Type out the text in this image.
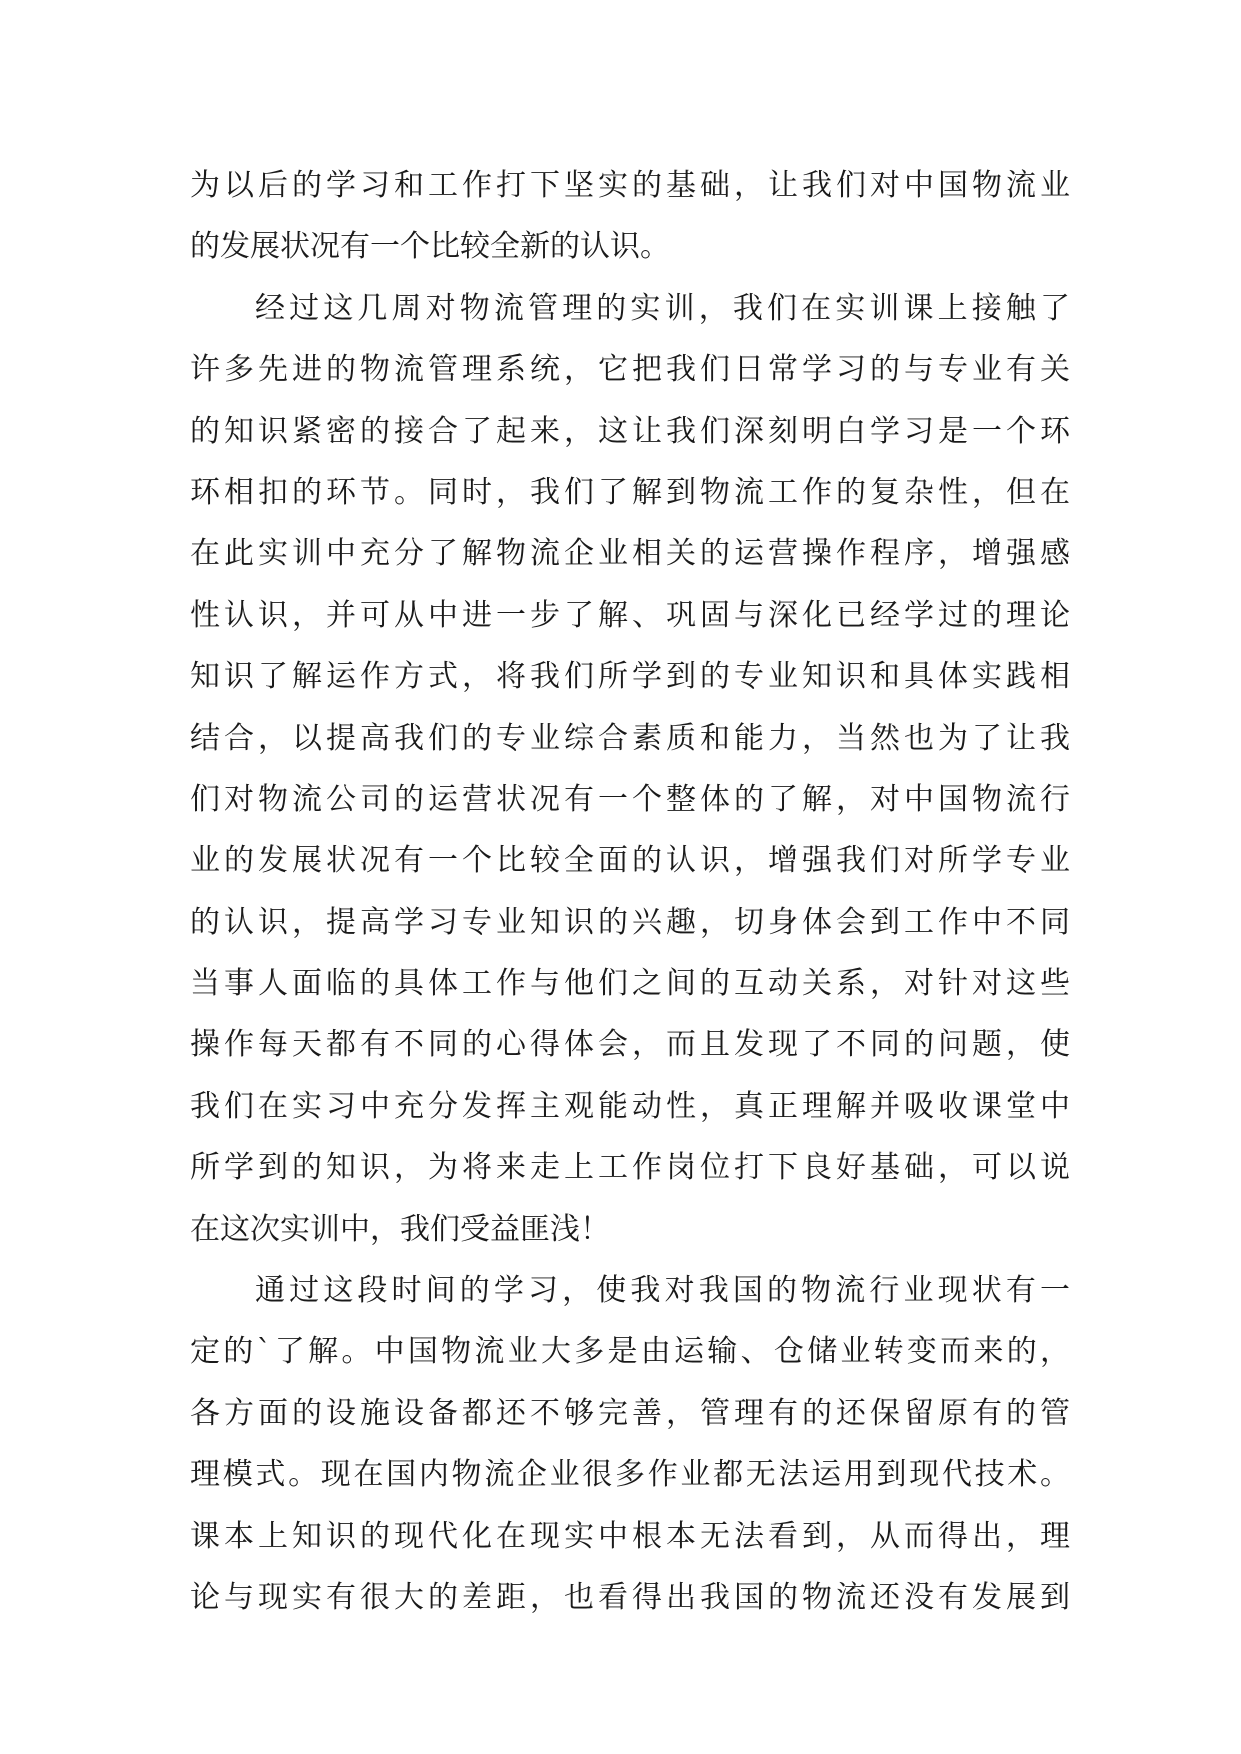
为以后的学习和工作打下坚实的基础，让我们对中国物流业
的发展状况有一个比较全新的认识。
经过这几周对物流管理的实训，我们在实训课上接触了
许多先进的物流管理系统，它把我们日常学习的与专业有关
的知识紧密的接合了起来，这让我们深刻明白学习是一个环
环相扣的环节。同时，我们了解到物流工作的复杂性，但在
在此实训中充分了解物流企业相关的运营操作程序，增强感
性认识，并可从中进一步了解、巩固与深化已经学过的理论
知识了解运作方式，将我们所学到的专业知识和具体实践相
结合，以提高我们的专业综合素质和能力，当然也为了让我
们对物流公司的运营状况有一个整体的了解，对中国物流行
业的发展状况有一个比较全面的认识，增强我们对所学专业
的认识，提高学习专业知识的兴趣，切身体会到工作中不同
当事人面临的具体工作与他们之间的互动关系，对针对这些
操作每天都有不同的心得体会，而且发现了不同的问题，使
我们在实习中充分发挥主观能动性，真正理解并吸收课堂中
所学到的知识，为将来走上工作岗位打下良好基础，可以说
在这次实训中，我们受益匪浅！
通过这段时间的学习，使我对我国的物流行业现状有一
定的`了解。中国物流业大多是由运输、仓储业转变而来的，
各方面的设施设备都还不够完善，管理有的还保留原有的管
理模式。现在国内物流企业很多作业都无法运用到现代技术。
课本上知识的现代化在现实中根本无法看到，从而得出，理
论与现实有很大的差距，也看得出我国的物流还没有发展到
